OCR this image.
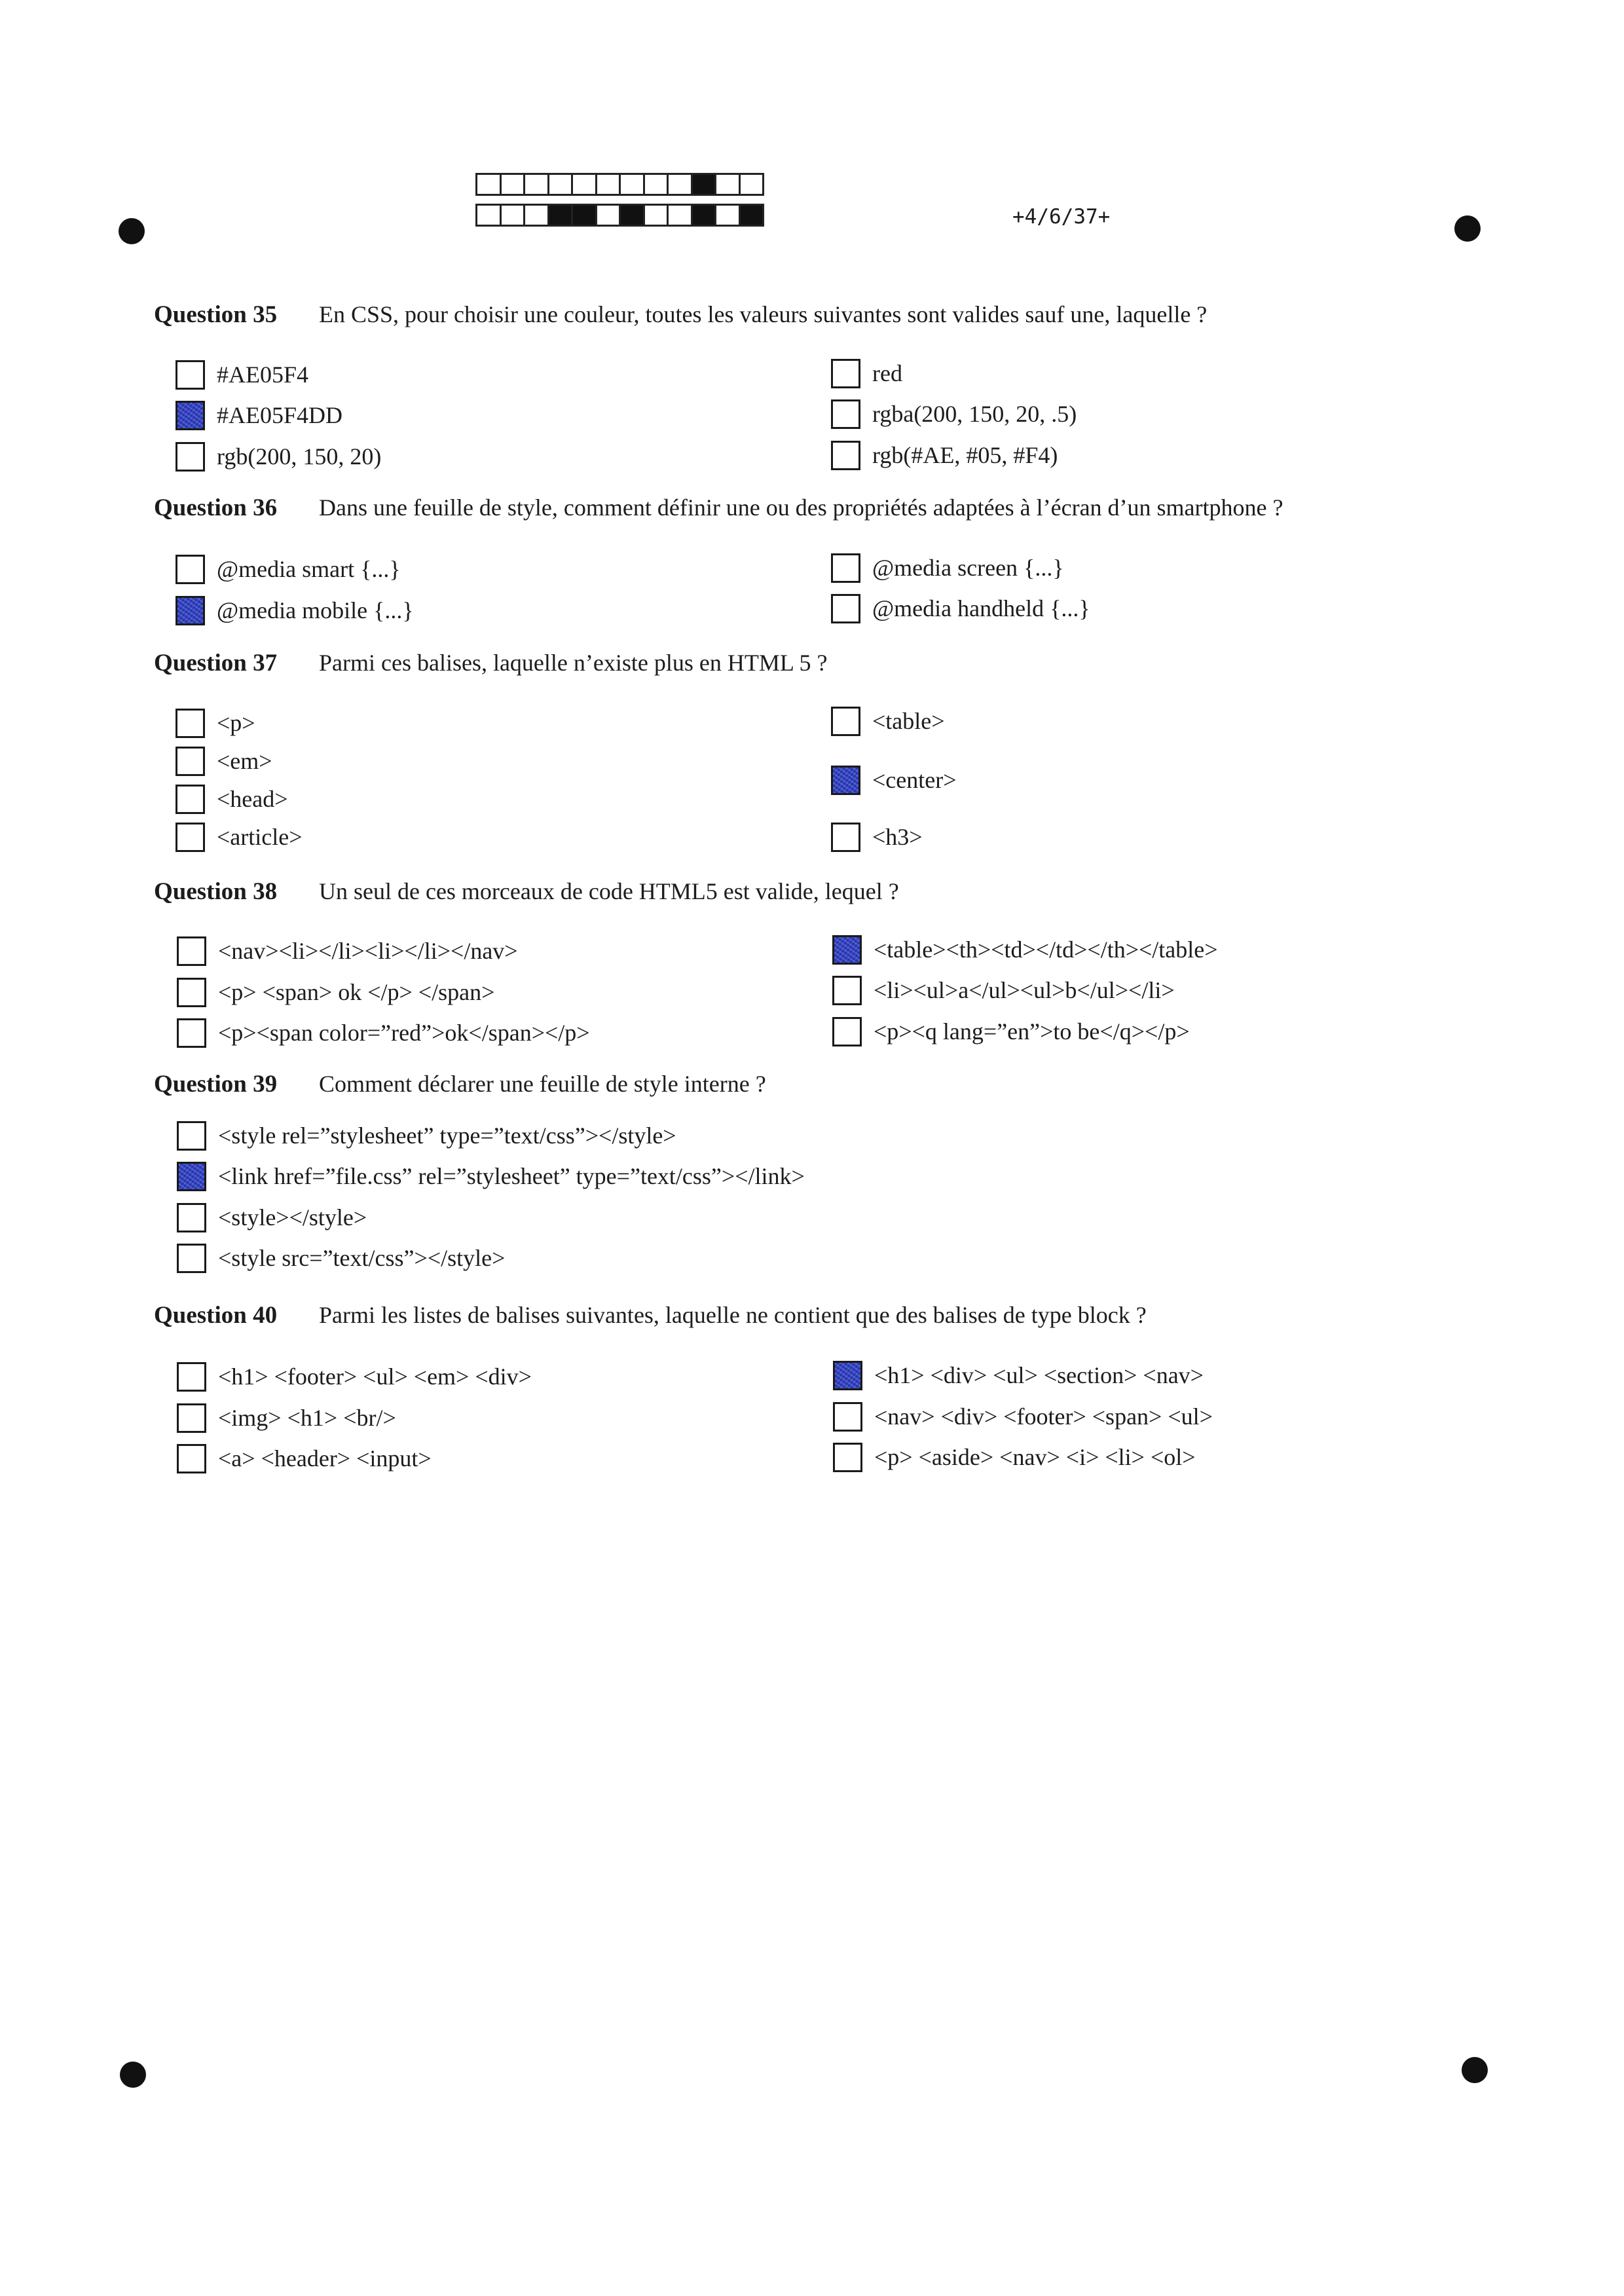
+4/6/37+
Question 35	En CSS, pour choisir une couleur, toutes les valeurs suivantes sont valides sauf une, laquelle ?
#AE05F4
#AE05F4DD
rgb(200, 150, 20)
red
rgba(200, 150, 20, .5)
rgb(#AE, #05, #F4)
Question 36	Dans une feuille de style, comment définir une ou des propriétés adaptées à l’écran d’un smartphone ?
@media smart {...}
@media mobile {...}
@media screen {...}
@media handheld {...}
Question 37	Parmi ces balises, laquelle n’existe plus en HTML 5 ?
<p>
<em>
<head>
<article>
<table>
<center>
<h3>
Question 38	Un seul de ces morceaux de code HTML5 est valide, lequel ?
<nav><li></li><li></li></nav>
<p> <span> ok </p> </span>
<p><span color=”red”>ok</span></p>
<table><th><td></td></th></table>
<li><ul>a</ul><ul>b</ul></li>
<p><q lang=”en”>to be</q></p>
Question 39	Comment déclarer une feuille de style interne ?
<style rel=”stylesheet” type=”text/css”></style>
<link href=”file.css” rel=”stylesheet” type=”text/css”></link>
<style></style>
<style src=”text/css”></style>
Question 40	Parmi les listes de balises suivantes, laquelle ne contient que des balises de type block ?
<h1> <footer> <ul> <em> <div>
<img> <h1> <br/>
<a> <header> <input>
<h1> <div> <ul> <section> <nav>
<nav> <div> <footer> <span> <ul>
<p> <aside> <nav> <i> <li> <ol>
